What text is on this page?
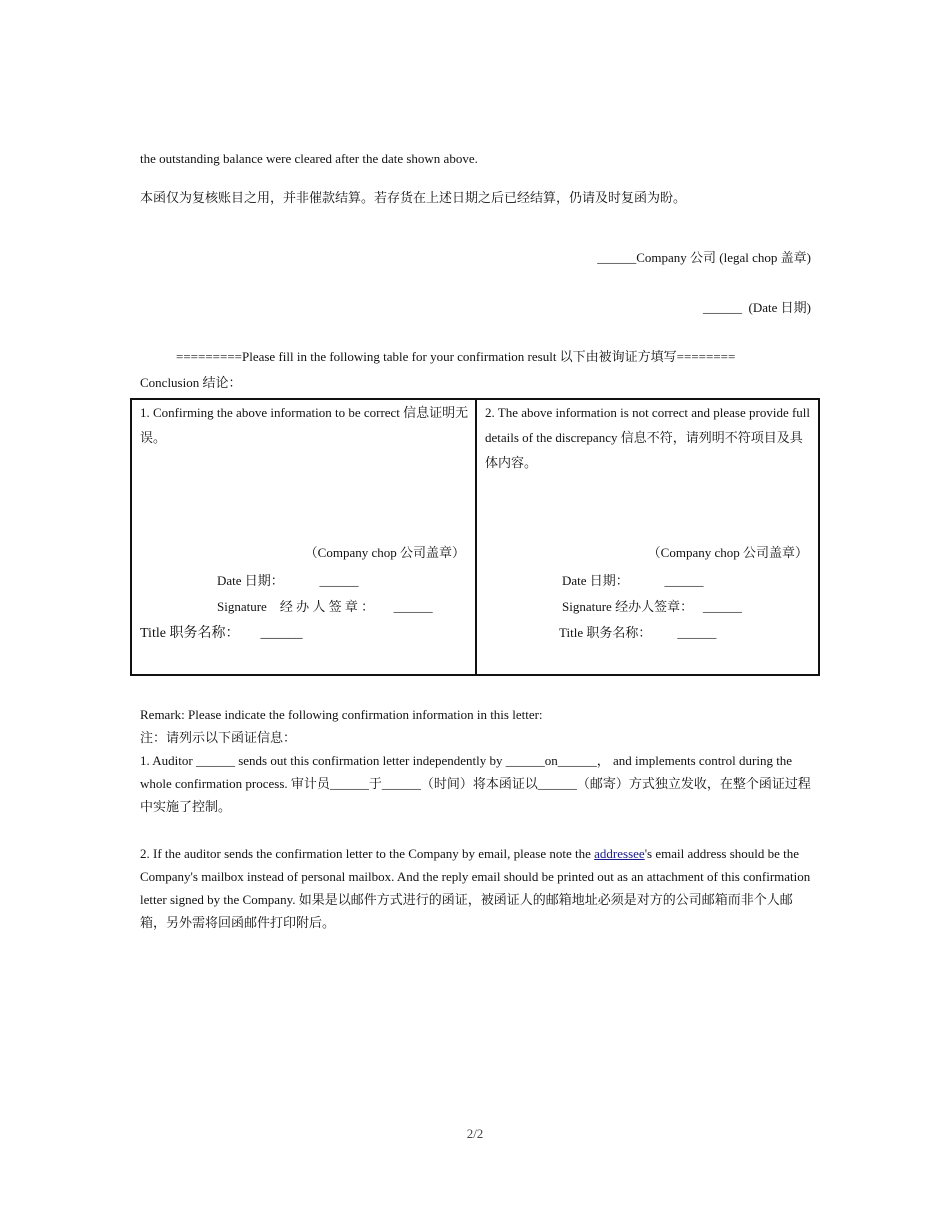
the outstanding balance were cleared after the date shown above.
本函仅为复核账目之用，并非催款结算。若存货在上述日期之后已经结算，仍请及时复函为盼。
______Company 公司 (legal chop 盖章)
______  (Date 日期)
=========Please fill in the following table for your confirmation result 以下由被询证方填写========
Conclusion 结论：
1. Confirming the above information to be correct 信息证明无误。
（Company chop 公司盖章）
Date 日期：           ______
Signature    经 办 人 签 章 ：      ______
Title 职务名称：      ______

2. The above information is not correct and please provide full details of the discrepancy 信息不符，请列明不符项目及具体内容。
（Company chop 公司盖章）
Date 日期：           ______
Signature 经办人签章：   ______
Title 职务名称：        ______
Remark: Please indicate the following confirmation information in this letter:
注：请列示以下函证信息：
1. Auditor ______ sends out this confirmation letter independently by ______on______， and implements control during the whole confirmation process. 审计员______于______（时间）将本函证以______（邮寄）方式独立发收，在整个函证过程中实施了控制。
2. If the auditor sends the confirmation letter to the Company by email, please note the addressee's email address should be the Company's mailbox instead of personal mailbox. And the reply email should be printed out as an attachment of this confirmation letter signed by the Company. 如果是以邮件方式进行的函证，被函证人的邮箱地址必须是对方的公司邮箱而非个人邮箱，另外需将回函邮件打印附后。
2/2
